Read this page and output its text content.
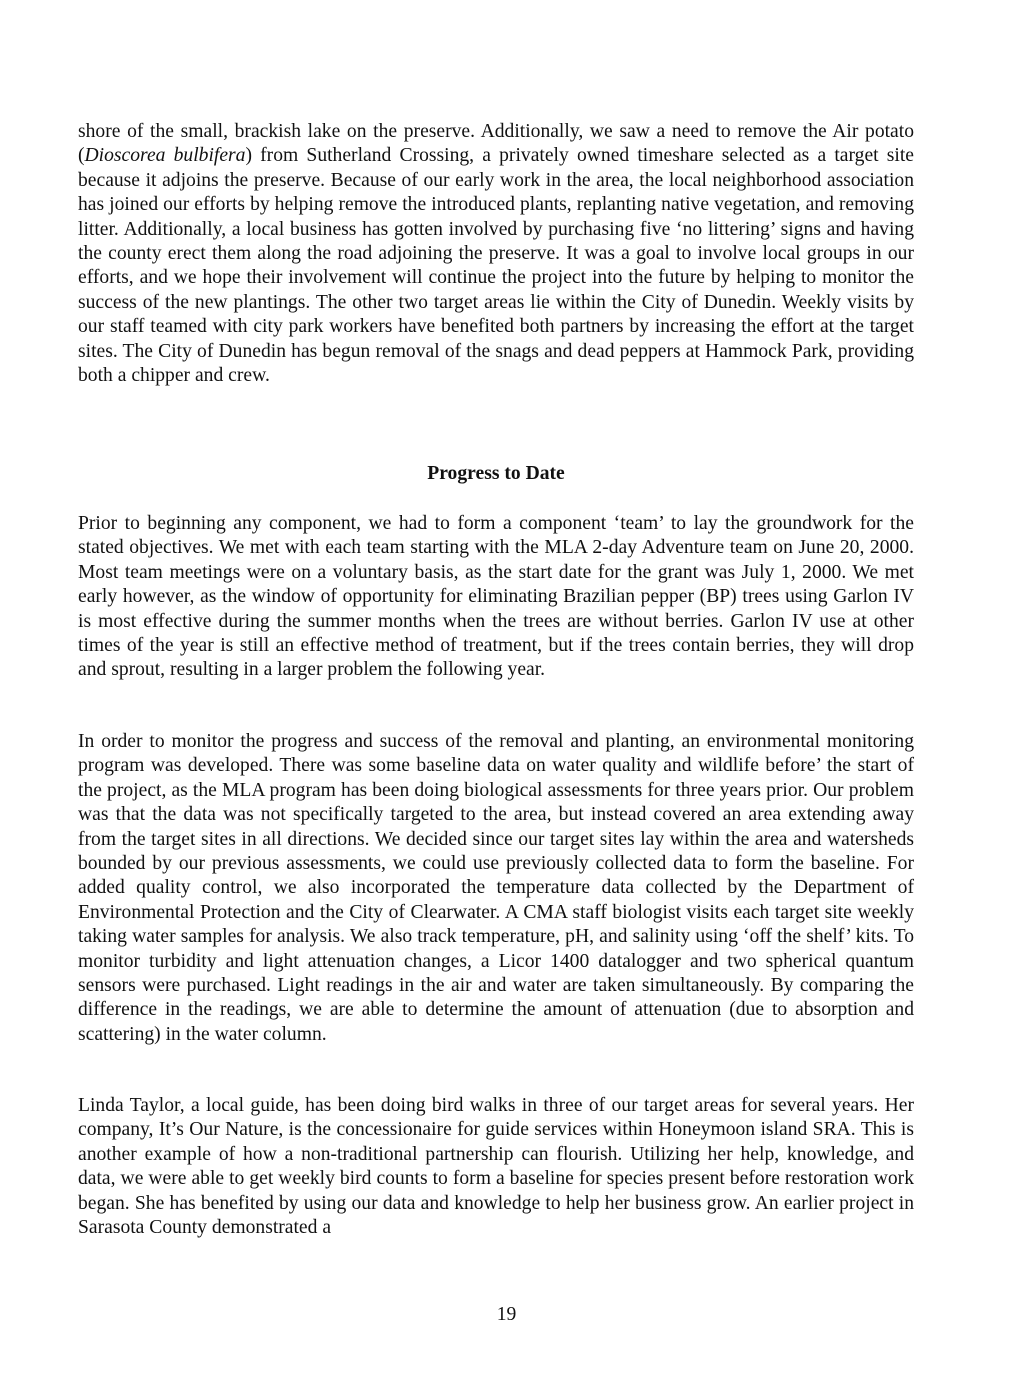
shore of the small, brackish lake on the preserve. Additionally, we saw a need to remove the Air potato (Dioscorea bulbifera) from Sutherland Crossing, a privately owned timeshare selected as a target site because it adjoins the preserve. Because of our early work in the area, the local neighborhood association has joined our efforts by helping remove the introduced plants, replanting native vegetation, and removing litter. Additionally, a local business has gotten involved by purchasing five ‘no littering’ signs and having the county erect them along the road adjoining the preserve. It was a goal to involve local groups in our efforts, and we hope their involvement will continue the project into the future by helping to monitor the success of the new plantings. The other two target areas lie within the City of Dunedin. Weekly visits by our staff teamed with city park workers have benefited both partners by increasing the effort at the target sites. The City of Dunedin has begun removal of the snags and dead peppers at Hammock Park, providing both a chipper and crew.

Progress to Date

Prior to beginning any component, we had to form a component ‘team’ to lay the groundwork for the stated objectives. We met with each team starting with the MLA 2-day Adventure team on June 20, 2000. Most team meetings were on a voluntary basis, as the start date for the grant was July 1, 2000. We met early however, as the window of opportunity for eliminating Brazilian pepper (BP) trees using Garlon IV is most effective during the summer months when the trees are without berries. Garlon IV use at other times of the year is still an effective method of treatment, but if the trees contain berries, they will drop and sprout, resulting in a larger problem the following year.

In order to monitor the progress and success of the removal and planting, an environmental monitoring program was developed. There was some baseline data on water quality and wildlife before’ the start of the project, as the MLA program has been doing biological assessments for three years prior. Our problem was that the data was not specifically targeted to the area, but instead covered an area extending away from the target sites in all directions. We decided since our target sites lay within the area and watersheds bounded by our previous assessments, we could use previously collected data to form the baseline. For added quality control, we also incorporated the temperature data collected by the Department of Environmental Protection and the City of Clearwater. A CMA staff biologist visits each target site weekly taking water samples for analysis. We also track temperature, pH, and salinity using ‘off the shelf’ kits. To monitor turbidity and light attenuation changes, a Licor 1400 datalogger and two spherical quantum sensors were purchased. Light readings in the air and water are taken simultaneously. By comparing the difference in the readings, we are able to determine the amount of attenuation (due to absorption and scattering) in the water column.

Linda Taylor, a local guide, has been doing bird walks in three of our target areas for several years. Her company, It’s Our Nature, is the concessionaire for guide services within Honeymoon island SRA. This is another example of how a non-traditional partnership can flourish. Utilizing her help, knowledge, and data, we were able to get weekly bird counts to form a baseline for species present before restoration work began. She has benefited by using our data and knowledge to help her business grow. An earlier project in Sarasota County demonstrated a

19
